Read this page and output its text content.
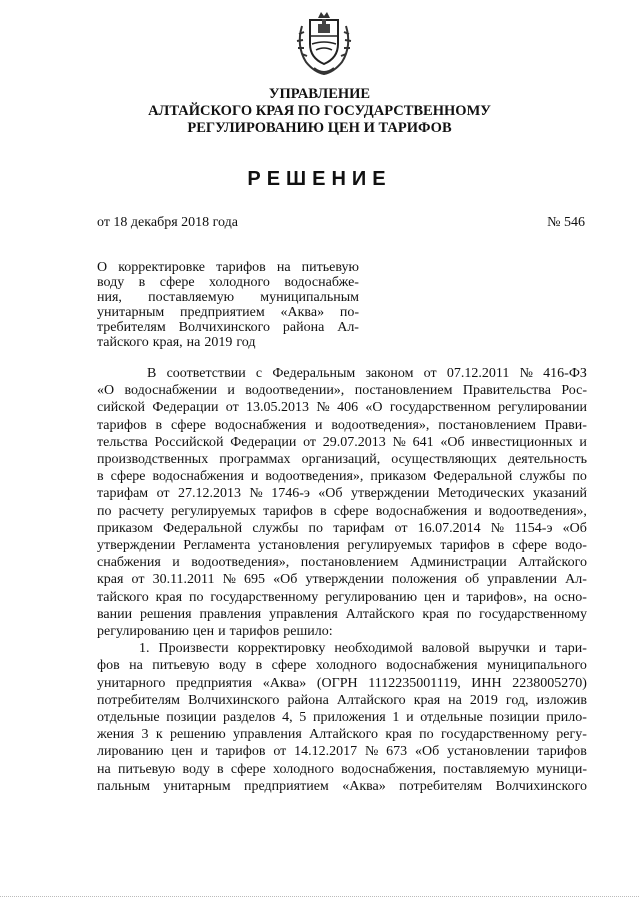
УПРАВЛЕНИЕ
АЛТАЙСКОГО КРАЯ ПО ГОСУДАРСТВЕННОМУ
РЕГУЛИРОВАНИЮ ЦЕН И ТАРИФОВ
РЕШЕНИЕ
от 18 декабря 2018 года	№ 546
О корректировке тарифов на питьевую
воду в сфере холодного водоснабже-
ния, поставляемую муниципальным
унитарным предприятием «Аква» по-
требителям Волчихинского района Ал-
тайского края, на 2019 год
В соответствии с Федеральным законом от 07.12.2011 № 416-ФЗ
«О водоснабжении и водоотведении», постановлением Правительства Рос-
сийской Федерации от 13.05.2013 № 406 «О государственном регулировании
тарифов в сфере водоснабжения и водоотведения», постановлением Прави-
тельства Российской Федерации от 29.07.2013 № 641 «Об инвестиционных и
производственных программах организаций, осуществляющих деятельность
в сфере водоснабжения и водоотведения», приказом Федеральной службы по
тарифам от 27.12.2013 № 1746-э «Об утверждении Методических указаний
по расчету регулируемых тарифов в сфере водоснабжения и водоотведения»,
приказом Федеральной службы по тарифам от 16.07.2014 № 1154-э «Об
утверждении Регламента установления регулируемых тарифов в сфере водо-
снабжения и водоотведения», постановлением Администрации Алтайского
края от 30.11.2011 № 695 «Об утверждении положения об управлении Ал-
тайского края по государственному регулированию цен и тарифов», на осно-
вании решения правления управления Алтайского края по государственному
регулированию цен и тарифов решило:
1. Произвести корректировку необходимой валовой выручки и тари-
фов на питьевую воду в сфере холодного водоснабжения муниципального
унитарного предприятия «Аква» (ОГРН 1112235001119, ИНН 2238005270)
потребителям Волчихинского района Алтайского края на 2019 год, изложив
отдельные позиции разделов 4, 5 приложения 1 и отдельные позиции прило-
жения 3 к решению управления Алтайского края по государственному регу-
лированию цен и тарифов от 14.12.2017 № 673 «Об установлении тарифов
на питьевую воду в сфере холодного водоснабжения, поставляемую муници-
пальным унитарным предприятием «Аква» потребителям Волчихинского
